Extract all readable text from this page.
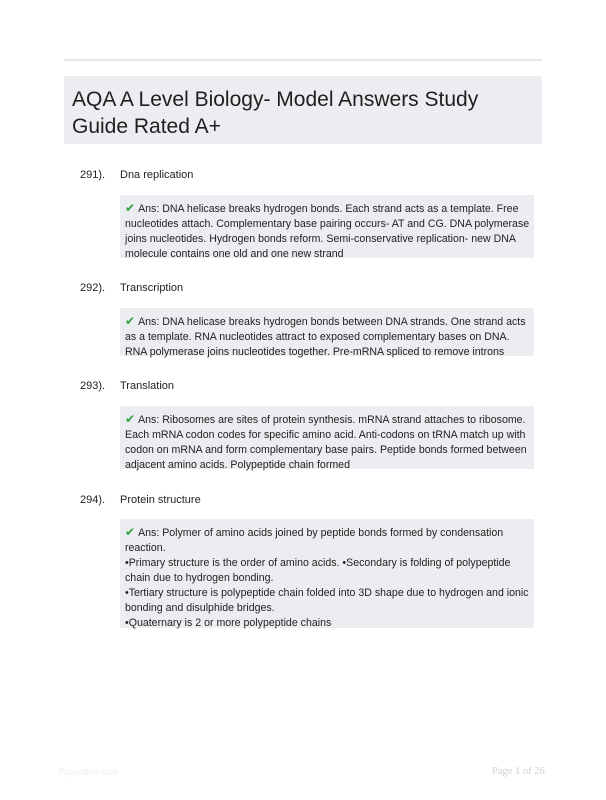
AQA A Level Biology- Model Answers Study
Guide Rated A+
291). Dna replication
✔ Ans: DNA helicase breaks hydrogen bonds. Each strand acts as a template. Free
nucleotides attach. Complementary base pairing occurs- AT and CG. DNA polymerase
joins nucleotides. Hydrogen bonds reform. Semi-conservative replication- new DNA
molecule contains one old and one new strand
292). Transcription
✔ Ans: DNA helicase breaks hydrogen bonds between DNA strands. One strand acts
as a template. RNA nucleotides attract to exposed complementary bases on DNA.
RNA polymerase joins nucleotides together. Pre-mRNA spliced to remove introns
293). Translation
✔ Ans: Ribosomes are sites of protein synthesis. mRNA strand attaches to ribosome.
Each mRNA codon codes for specific amino acid. Anti-codons on tRNA match up with
codon on mRNA and form complementary base pairs. Peptide bonds formed between
adjacent amino acids. Polypeptide chain formed
294). Protein structure
✔ Ans: Polymer of amino acids joined by peptide bonds formed by condensation
reaction.
•Primary structure is the order of amino acids. •Secondary is folding of polypeptide
chain due to hydrogen bonding.
•Tertiary structure is polypeptide chain folded into 3D shape due to hydrogen and ionic
bonding and disulphide bridges.
•Quaternary is 2 or more polypeptide chains
Papertible.com	Page 1 of 26
